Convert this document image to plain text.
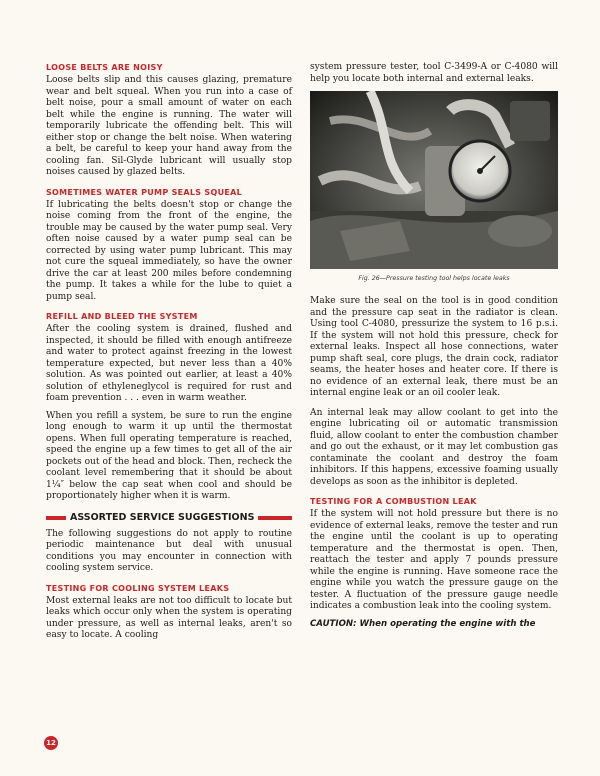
LOOSE BELTS ARE NOISY

Loose belts slip and this causes glazing, premature wear and belt squeal. When you run into a case of belt noise, pour a small amount of water on each belt while the engine is running. The water will temporarily lubricate the offending belt. This will either stop or change the belt noise. When watering a belt, be careful to keep your hand away from the cooling fan. Sil-Glyde lubricant will usually stop noises caused by glazed belts.

SOMETIMES WATER PUMP SEALS SQUEAL

If lubricating the belts doesn't stop or change the noise coming from the front of the engine, the trouble may be caused by the water pump seal. Very often noise caused by a water pump seal can be corrected by using water pump lubricant. This may not cure the squeal immediately, so have the owner drive the car at least 200 miles before condemning the pump. It takes a while for the lube to quiet a pump seal.

REFILL AND BLEED THE SYSTEM

After the cooling system is drained, flushed and inspected, it should be filled with enough antifreeze and water to protect against freezing in the lowest temperature expected, but never less than a 40% solution. As was pointed out earlier, at least a 40% solution of ethyleneglycol is required for rust and foam prevention . . . even in warm weather.

When you refill a system, be sure to run the engine long enough to warm it up until the thermostat opens. When full operating temperature is reached, speed the engine up a few times to get all of the air pockets out of the head and block. Then, recheck the coolant level remembering that it should be about 1¼″ below the cap seat when cool and should be proportionately higher when it is warm.

ASSORTED SERVICE SUGGESTIONS

The following suggestions do not apply to routine periodic maintenance but deal with unusual conditions you may encounter in connection with cooling system service.

TESTING FOR COOLING SYSTEM LEAKS

Most external leaks are not too difficult to locate but leaks which occur only when the system is operating under pressure, as well as internal leaks, aren't so easy to locate. A cooling

system pressure tester, tool C-3499-A or C-4080 will help you locate both internal and external leaks.

Fig. 26—Pressure testing tool helps locate leaks

Make sure the seal on the tool is in good condition and the pressure cap seat in the radiator is clean. Using tool C-4080, pressurize the system to 16 p.s.i. If the system will not hold this pressure, check for external leaks. Inspect all hose connections, water pump shaft seal, core plugs, the drain cock, radiator seams, the heater hoses and heater core. If there is no evidence of an external leak, there must be an internal engine leak or an oil cooler leak.

An internal leak may allow coolant to get into the engine lubricating oil or automatic transmission fluid, allow coolant to enter the combustion chamber and go out the exhaust, or it may let combustion gas contaminate the coolant and destroy the foam inhibitors. If this happens, excessive foaming usually develops as soon as the inhibitor is depleted.

TESTING FOR A COMBUSTION LEAK

If the system will not hold pressure but there is no evidence of external leaks, remove the tester and run the engine until the coolant is up to operating temperature and the thermostat is open. Then, reattach the tester and apply 7 pounds pressure while the engine is running. Have someone race the engine while you watch the pressure gauge on the tester. A fluctuation of the pressure gauge needle indicates a combustion leak into the cooling system.

CAUTION: When operating the engine with the

12
